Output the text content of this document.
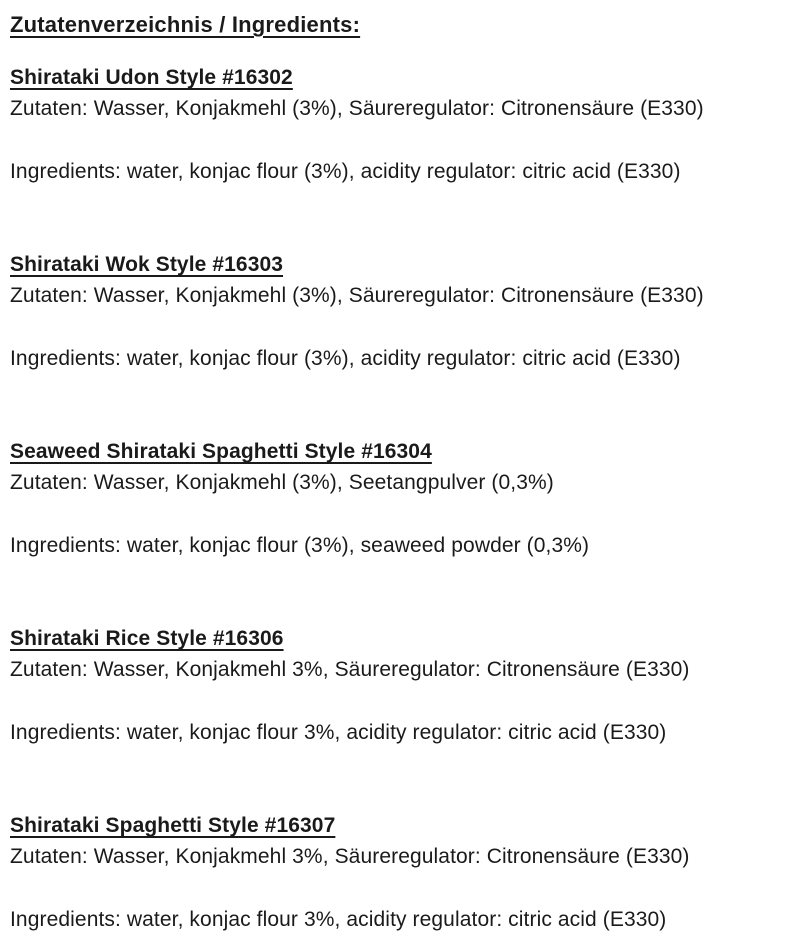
Zutatenverzeichnis / Ingredients:
Shirataki Udon Style #16302
Zutaten: Wasser, Konjakmehl (3%), Säureregulator: Citronensäure (E330)
Ingredients: water, konjac flour (3%), acidity regulator: citric acid (E330)
Shirataki Wok Style #16303
Zutaten: Wasser, Konjakmehl (3%), Säureregulator: Citronensäure (E330)
Ingredients: water, konjac flour (3%), acidity regulator: citric acid (E330)
Seaweed Shirataki Spaghetti Style #16304
Zutaten: Wasser, Konjakmehl (3%), Seetangpulver (0,3%)
Ingredients: water, konjac flour (3%), seaweed powder (0,3%)
Shirataki Rice Style #16306
Zutaten: Wasser, Konjakmehl 3%, Säureregulator: Citronensäure (E330)
Ingredients: water, konjac flour 3%, acidity regulator: citric acid (E330)
Shirataki Spaghetti Style #16307
Zutaten: Wasser, Konjakmehl 3%, Säureregulator: Citronensäure (E330)
Ingredients: water, konjac flour 3%, acidity regulator: citric acid (E330)
